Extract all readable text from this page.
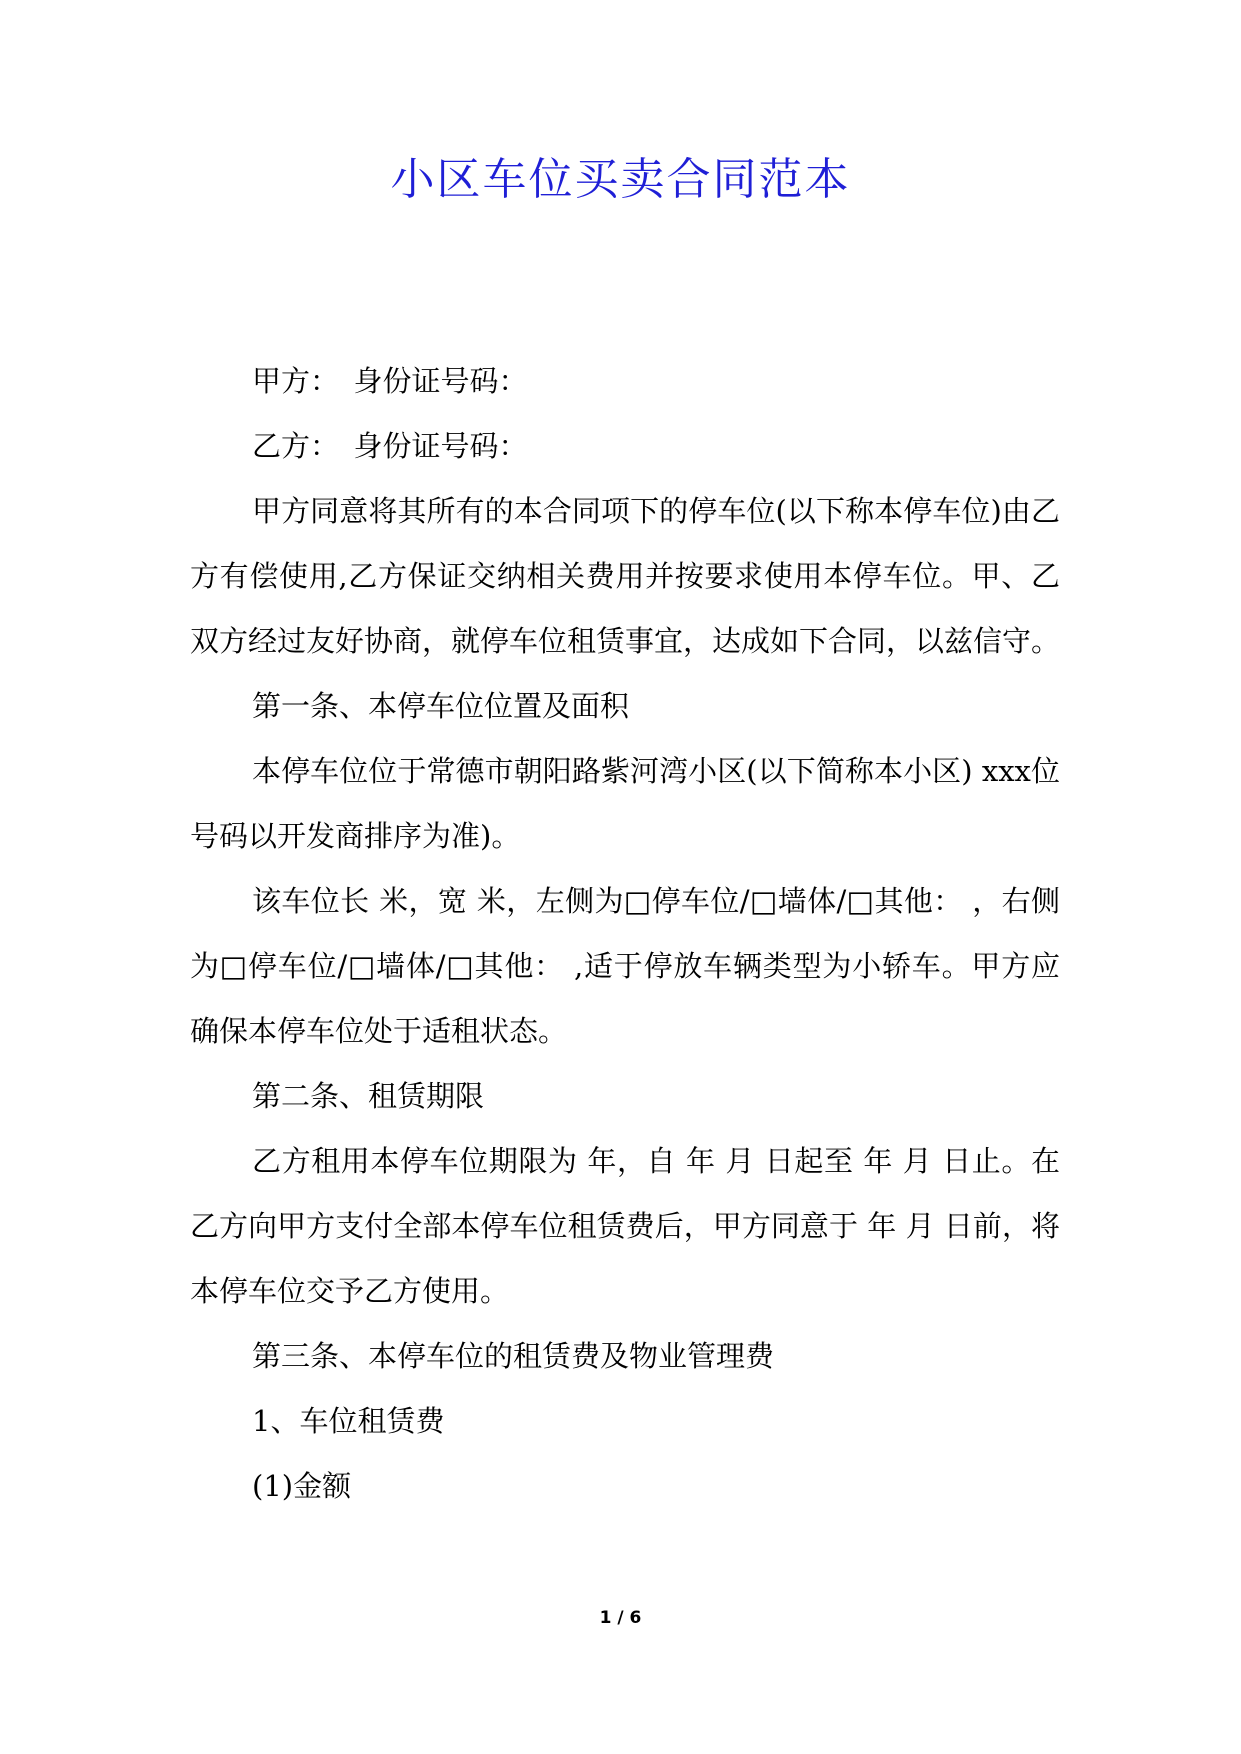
小区车位买卖合同范本

甲方：　身份证号码：

乙方：　身份证号码：

甲方同意将其所有的本合同项下的停车位(以下称本停车位)由乙方有偿使用,乙方保证交纳相关费用并按要求使用本停车位。甲、乙双方经过友好协商，就停车位租赁事宜，达成如下合同，以兹信守。

第一条、本停车位位置及面积

本停车位位于常德市朝阳路紫河湾小区(以下简称本小区) xxx位号码以开发商排序为准)。

该车位长 米，宽 米，左侧为□停车位/□墙体/□其他： ，右侧为□停车位/□墙体/□其他： ,适于停放车辆类型为小轿车。甲方应确保本停车位处于适租状态。

第二条、租赁期限

乙方租用本停车位期限为 年，自 年 月 日起至 年 月 日止。在乙方向甲方支付全部本停车位租赁费后，甲方同意于 年 月 日前，将本停车位交予乙方使用。

第三条、本停车位的租赁费及物业管理费

1、车位租赁费

(1)金额

1 / 6
